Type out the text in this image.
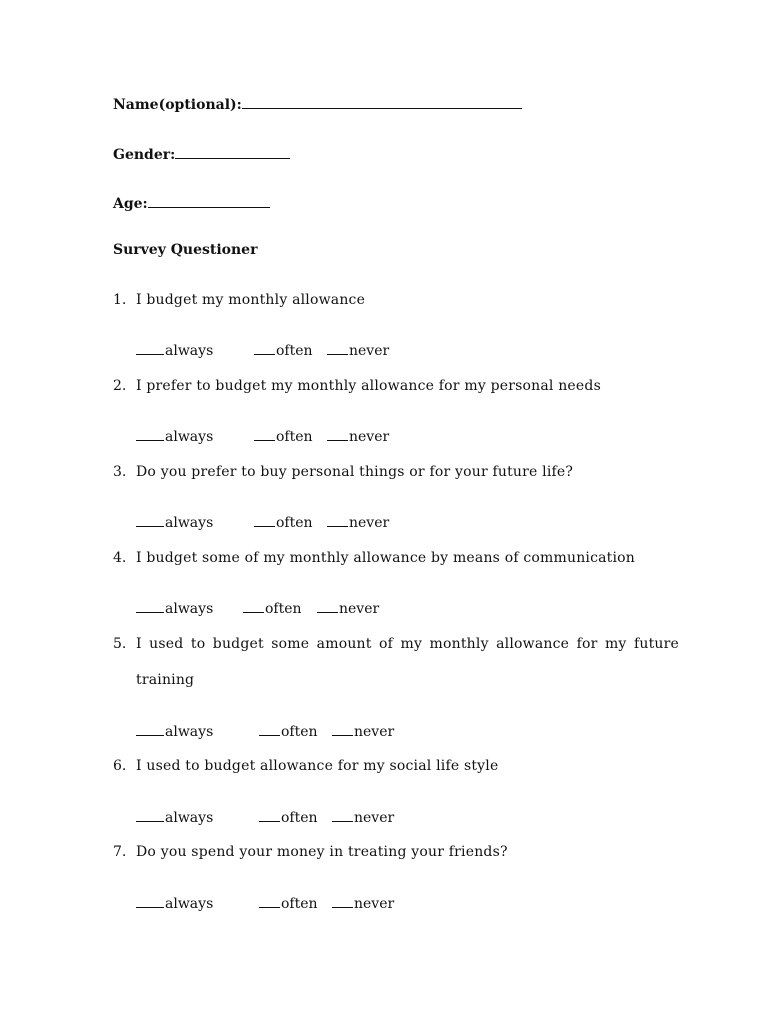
Name(optional):
Gender:
Age:
Survey Questioner
1. I budget my monthly allowance
always	often	never
2. I prefer to budget my monthly allowance for my personal needs
always	often	never
3. Do you prefer to buy personal things or for your future life?
always	often	never
4. I budget some of my monthly allowance by means of communication
always	often	never
5. I used to budget some amount of my monthly allowance for my future training
always	often	never
6. I used to budget allowance for my social life style
always	often	never
7. Do you spend your money in treating your friends?
always	often	never
